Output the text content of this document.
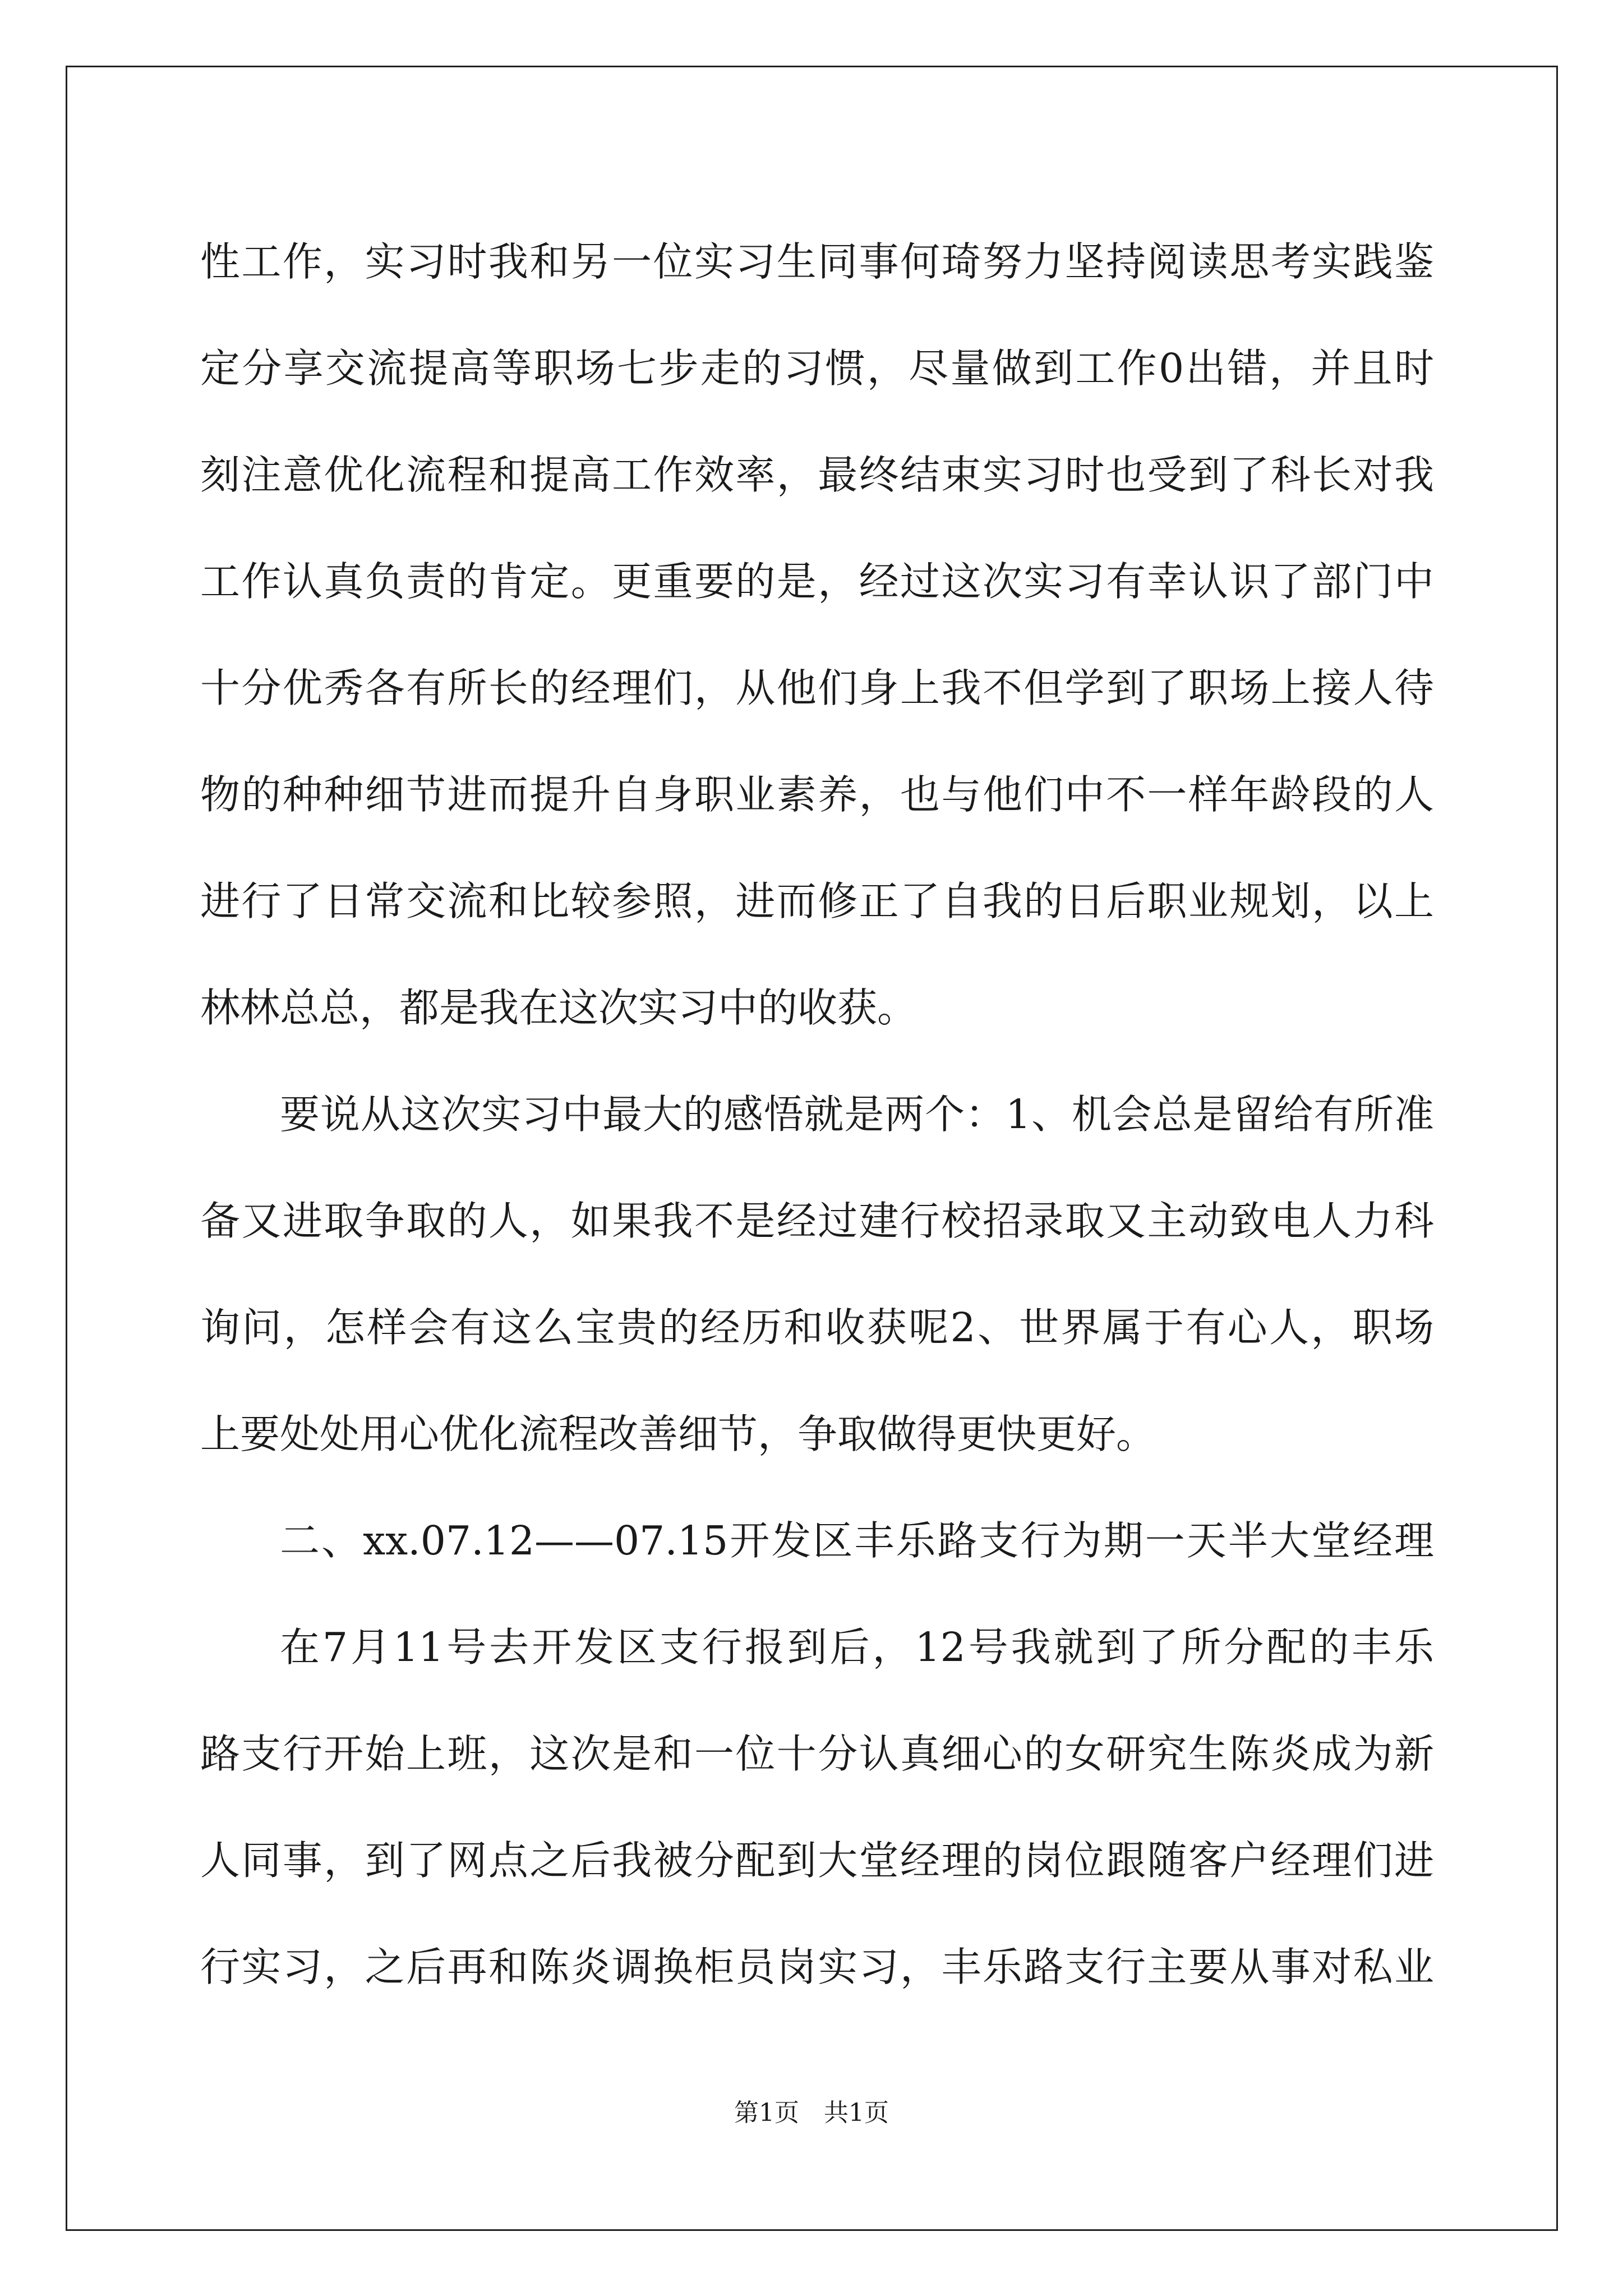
性工作，实习时我和另一位实习生同事何琦努力坚持阅读思考实践鉴
定分享交流提高等职场七步走的习惯，尽量做到工作0出错，并且时
刻注意优化流程和提高工作效率，最终结束实习时也受到了科长对我
工作认真负责的肯定。更重要的是，经过这次实习有幸认识了部门中
十分优秀各有所长的经理们，从他们身上我不但学到了职场上接人待
物的种种细节进而提升自身职业素养，也与他们中不一样年龄段的人
进行了日常交流和比较参照，进而修正了自我的日后职业规划，以上
林林总总，都是我在这次实习中的收获。
要说从这次实习中最大的感悟就是两个：1、机会总是留给有所准
备又进取争取的人，如果我不是经过建行校招录取又主动致电人力科
询问，怎样会有这么宝贵的经历和收获呢2、世界属于有心人，职场
上要处处用心优化流程改善细节，争取做得更快更好。
二、xx.07.12——07.15开发区丰乐路支行为期一天半大堂经理
在7月11号去开发区支行报到后，12号我就到了所分配的丰乐
路支行开始上班，这次是和一位十分认真细心的女研究生陈炎成为新
人同事，到了网点之后我被分配到大堂经理的岗位跟随客户经理们进
行实习，之后再和陈炎调换柜员岗实习，丰乐路支行主要从事对私业
第1页　共1页
